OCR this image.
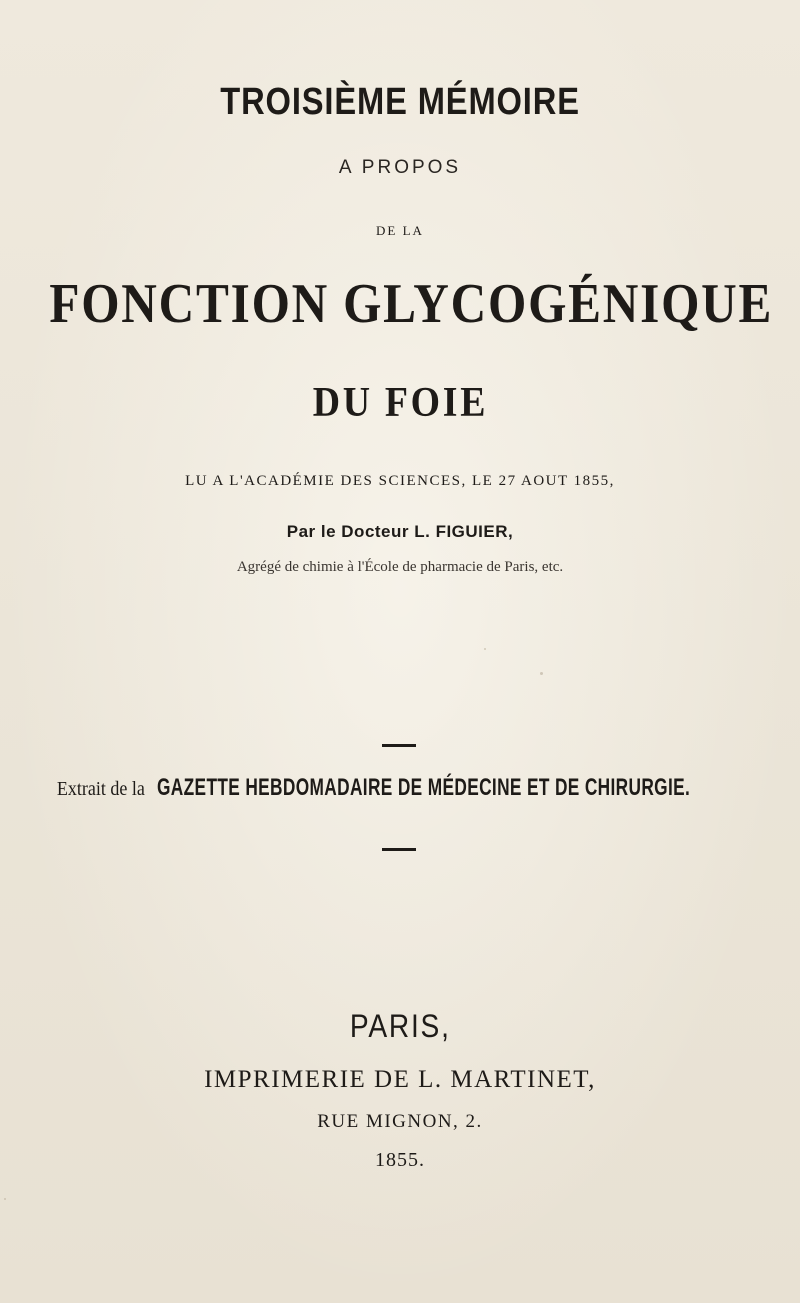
TROISIÈME MÉMOIRE
A PROPOS
DE LA
FONCTION GLYCOGÉNIQUE
DU FOIE
LU A L'ACADÉMIE DES SCIENCES, LE 27 AOUT 1855,
Par le Docteur L. FIGUIER,
Agrégé de chimie à l'École de pharmacie de Paris, etc.
Extrait de la GAZETTE HEBDOMADAIRE DE MÉDECINE ET DE CHIRURGIE.
PARIS,
IMPRIMERIE DE L. MARTINET,
RUE MIGNON, 2.
1855.
